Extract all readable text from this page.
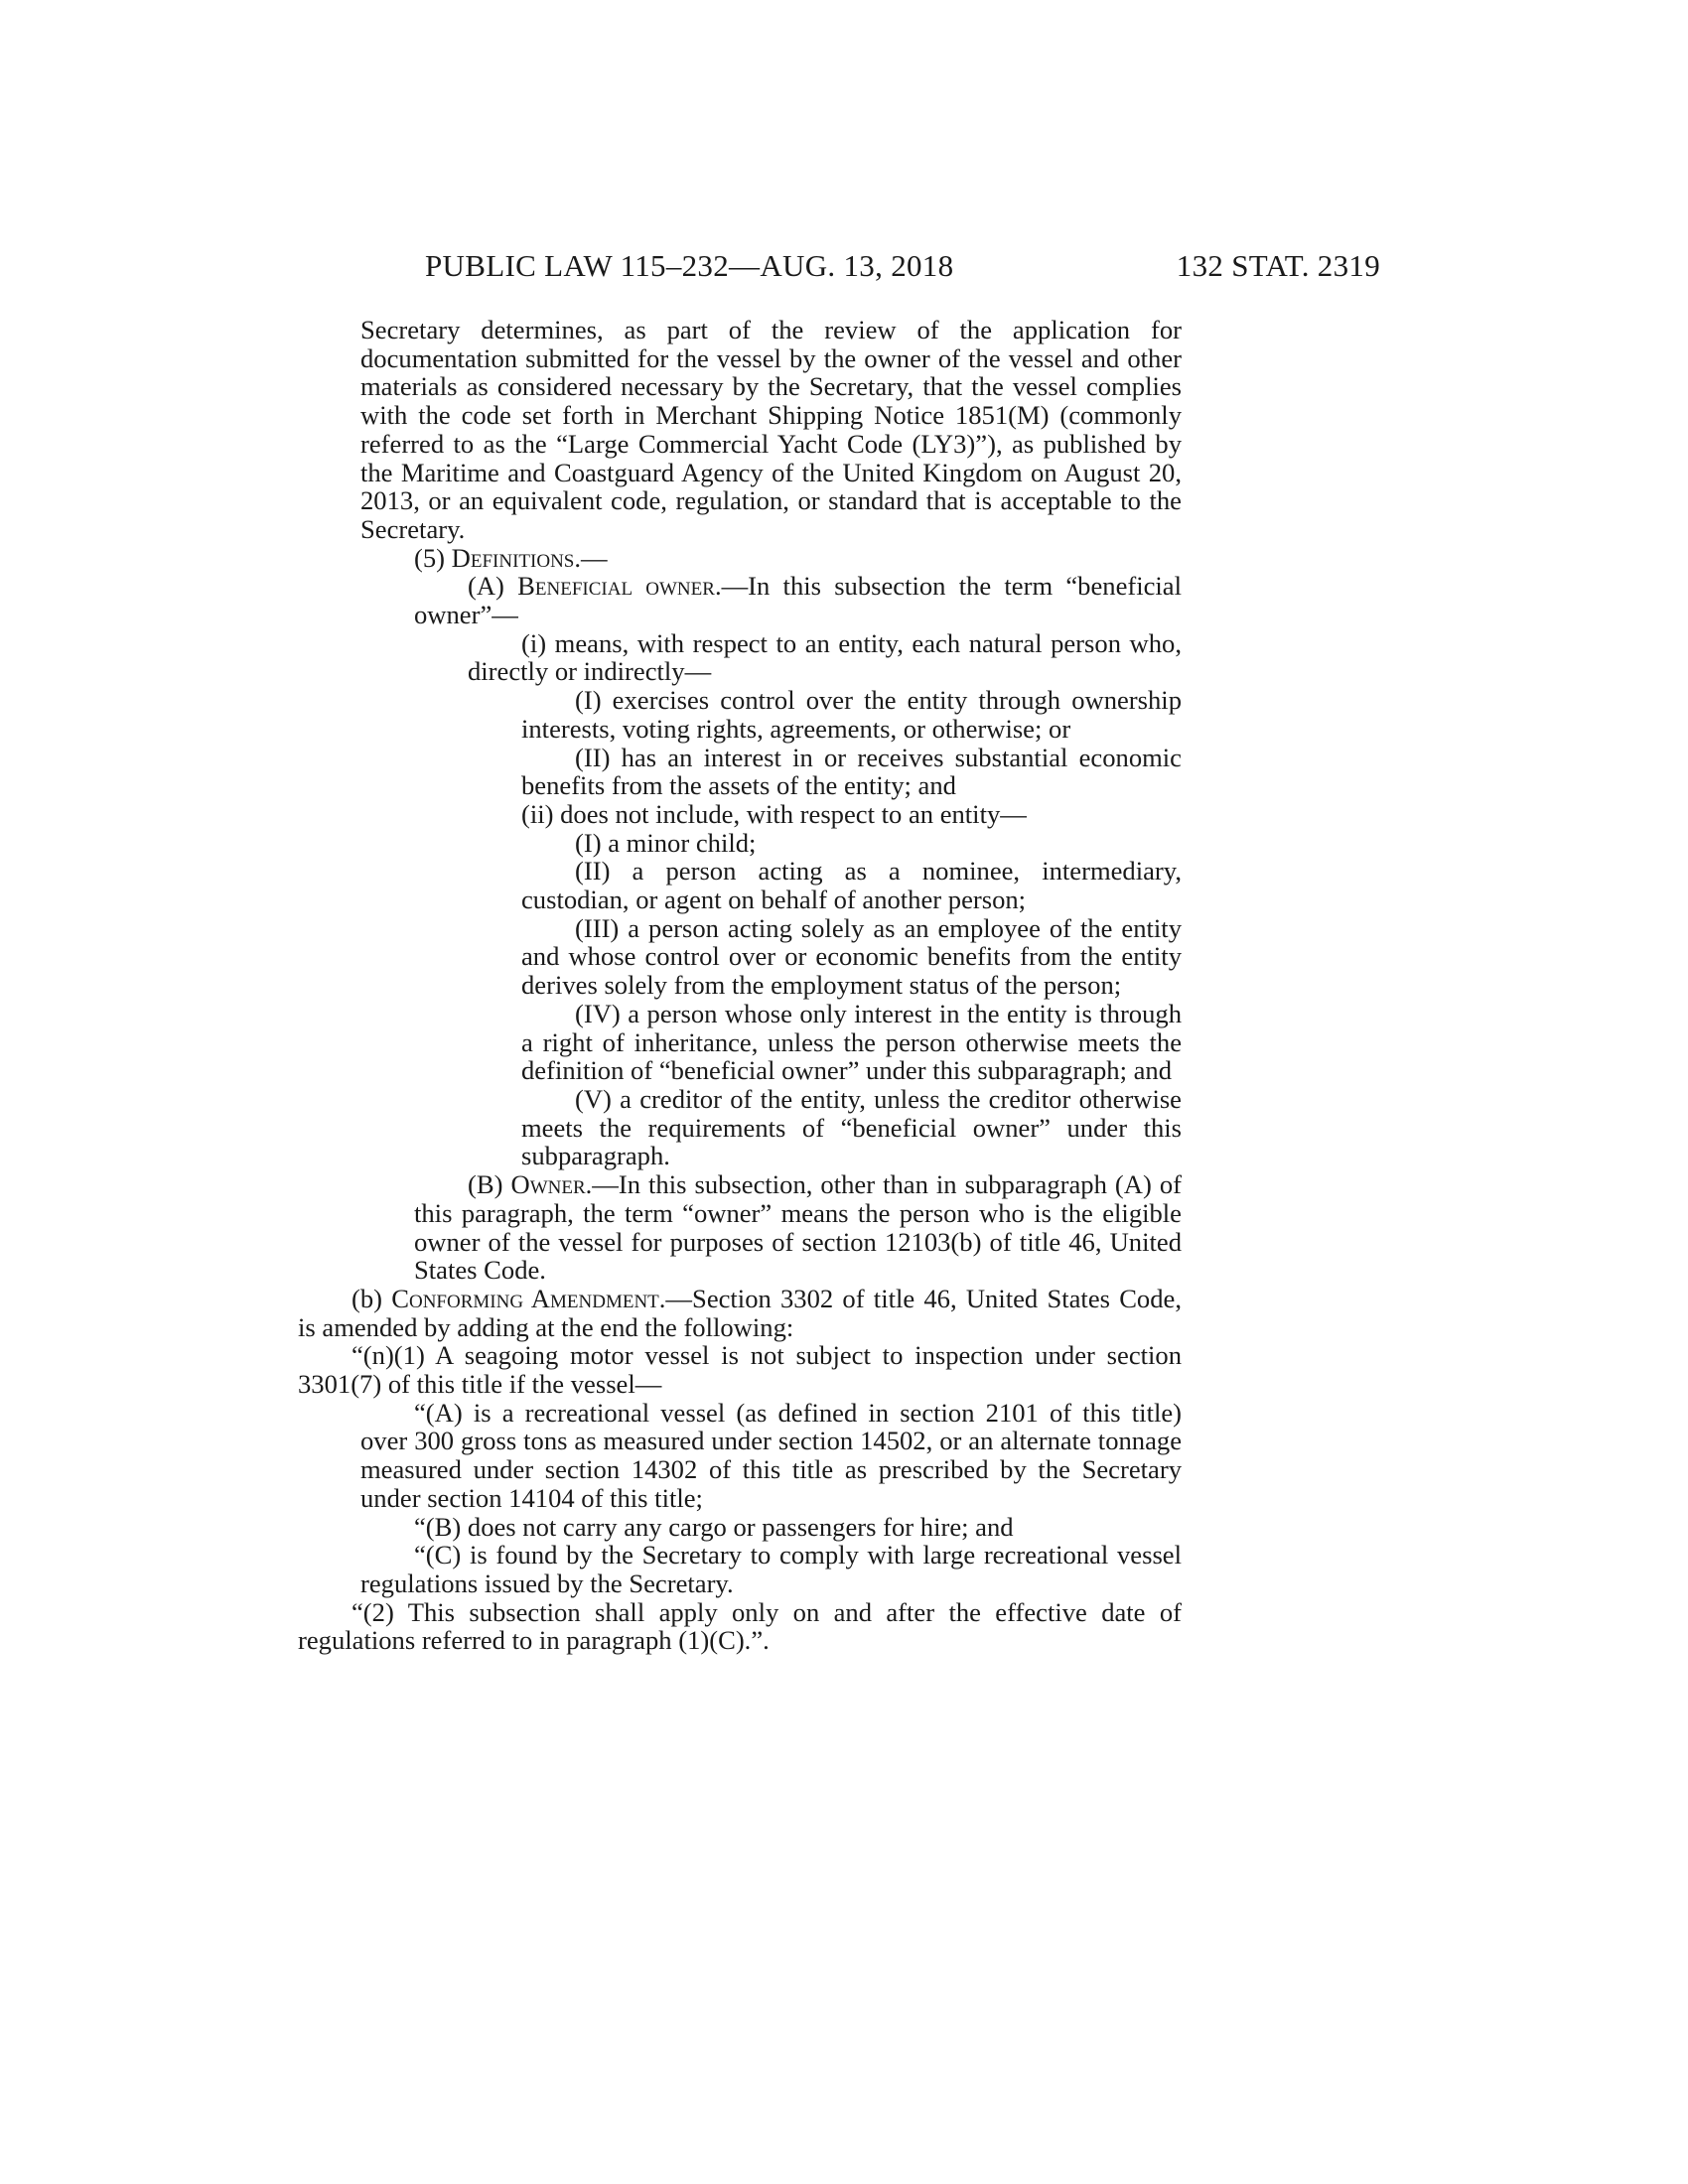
PUBLIC LAW 115–232—AUG. 13, 2018	132 STAT. 2319

Secretary determines, as part of the review of the application for documentation submitted for the vessel by the owner of the vessel and other materials as considered necessary by the Secretary, that the vessel complies with the code set forth in Merchant Shipping Notice 1851(M) (commonly referred to as the “Large Commercial Yacht Code (LY3)”), as published by the Maritime and Coastguard Agency of the United Kingdom on August 20, 2013, or an equivalent code, regulation, or standard that is acceptable to the Secretary.

(5) Definitions.—

(A) Beneficial owner.—In this subsection the term “beneficial owner”—

(i) means, with respect to an entity, each natural person who, directly or indirectly—

(I) exercises control over the entity through ownership interests, voting rights, agreements, or otherwise; or

(II) has an interest in or receives substantial economic benefits from the assets of the entity; and

(ii) does not include, with respect to an entity—

(I) a minor child;

(II) a person acting as a nominee, intermediary, custodian, or agent on behalf of another person;

(III) a person acting solely as an employee of the entity and whose control over or economic benefits from the entity derives solely from the employment status of the person;

(IV) a person whose only interest in the entity is through a right of inheritance, unless the person otherwise meets the definition of “beneficial owner” under this subparagraph; and

(V) a creditor of the entity, unless the creditor otherwise meets the requirements of “beneficial owner” under this subparagraph.

(B) Owner.—In this subsection, other than in subparagraph (A) of this paragraph, the term “owner” means the person who is the eligible owner of the vessel for purposes of section 12103(b) of title 46, United States Code.

(b) Conforming Amendment.—Section 3302 of title 46, United States Code, is amended by adding at the end the following:

“(n)(1) A seagoing motor vessel is not subject to inspection under section 3301(7) of this title if the vessel—

“(A) is a recreational vessel (as defined in section 2101 of this title) over 300 gross tons as measured under section 14502, or an alternate tonnage measured under section 14302 of this title as prescribed by the Secretary under section 14104 of this title;

“(B) does not carry any cargo or passengers for hire; and

“(C) is found by the Secretary to comply with large recreational vessel regulations issued by the Secretary.

“(2) This subsection shall apply only on and after the effective date of regulations referred to in paragraph (1)(C).”.
